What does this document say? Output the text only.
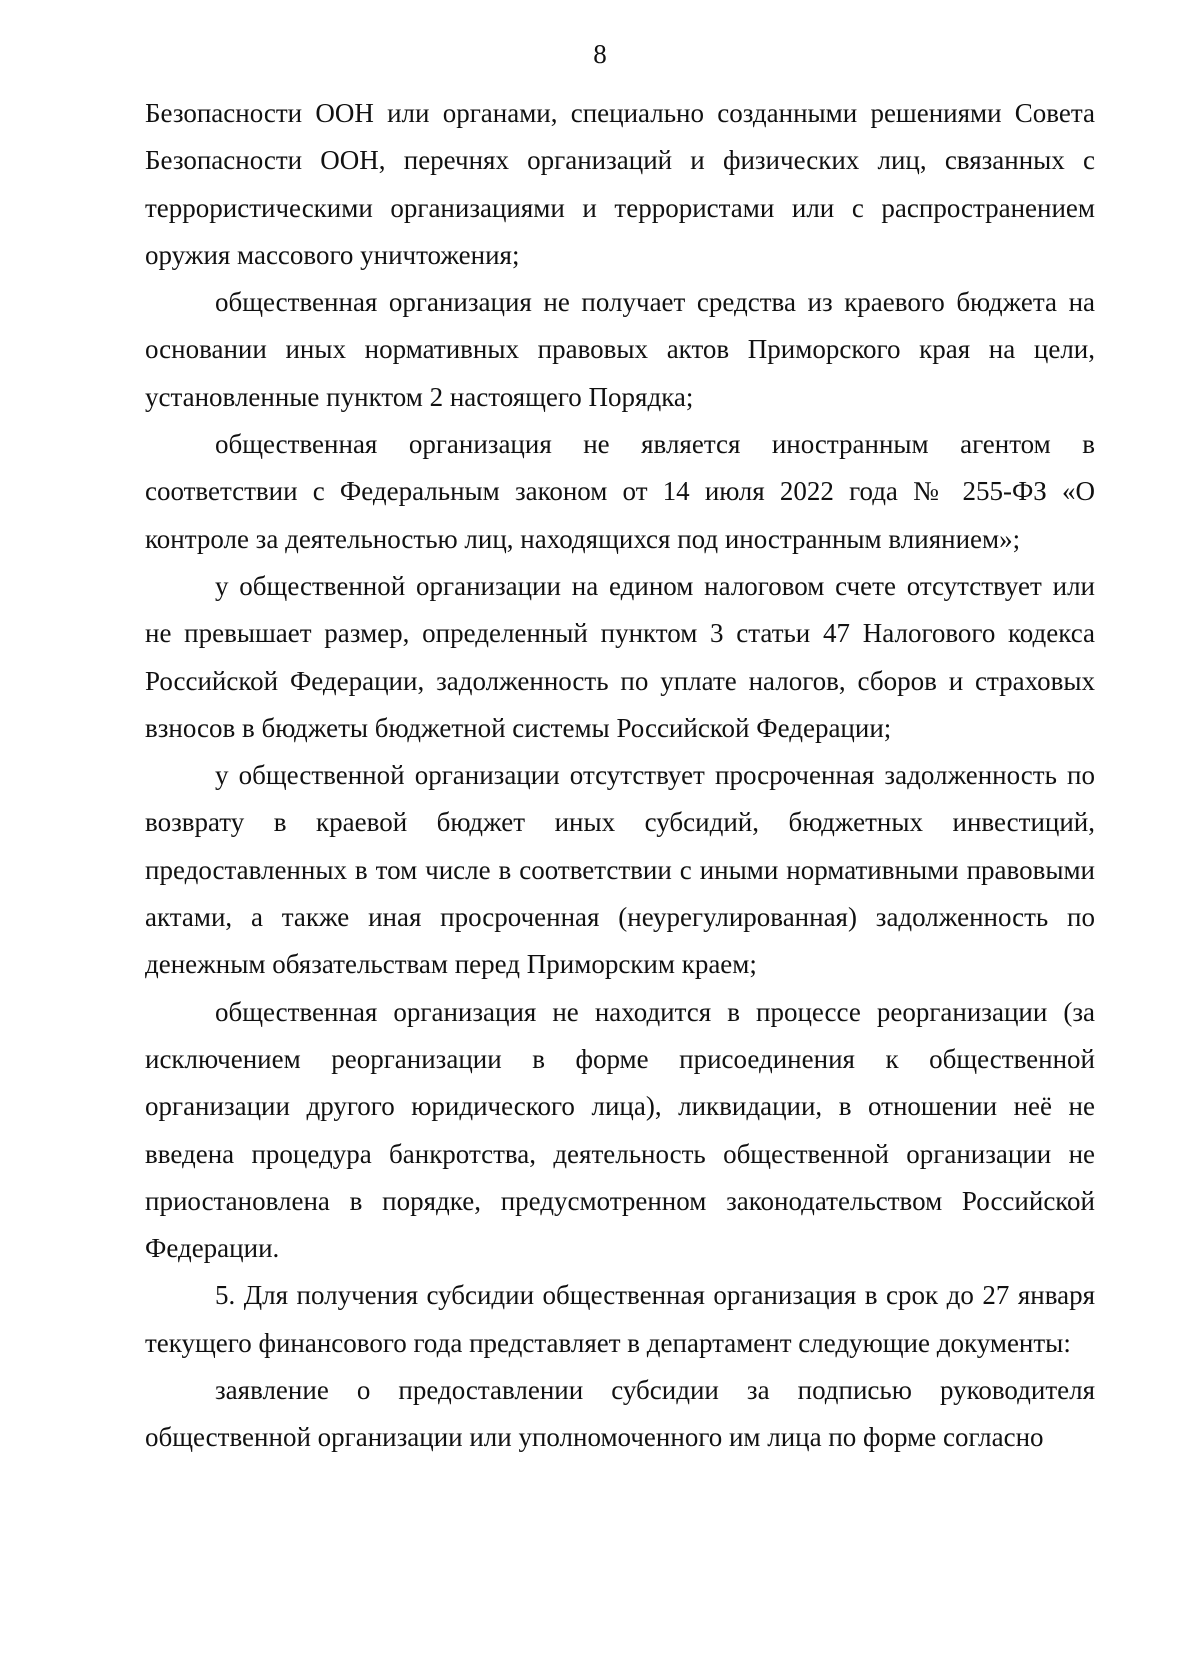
8

Безопасности ООН или органами, специально созданными решениями Совета Безопасности ООН, перечнях организаций и физических лиц, связанных с террористическими организациями и террористами или с распространением оружия массового уничтожения;

общественная организация не получает средства из краевого бюджета на основании иных нормативных правовых актов Приморского края на цели, установленные пунктом 2 настоящего Порядка;

общественная организация не является иностранным агентом в соответствии с Федеральным законом от 14 июля 2022 года № 255-ФЗ «О контроле за деятельностью лиц, находящихся под иностранным влиянием»;

у общественной организации на едином налоговом счете отсутствует или не превышает размер, определенный пунктом 3 статьи 47 Налогового кодекса Российской Федерации, задолженность по уплате налогов, сборов и страховых взносов в бюджеты бюджетной системы Российской Федерации;

у общественной организации отсутствует просроченная задолженность по возврату в краевой бюджет иных субсидий, бюджетных инвестиций, предоставленных в том числе в соответствии с иными нормативными правовыми актами, а также иная просроченная (неурегулированная) задолженность по денежным обязательствам перед Приморским краем;

общественная организация не находится в процессе реорганизации (за исключением реорганизации в форме присоединения к общественной организации другого юридического лица), ликвидации, в отношении неё не введена процедура банкротства, деятельность общественной организации не приостановлена в порядке, предусмотренном законодательством Российской Федерации.

5. Для получения субсидии общественная организация в срок до 27 января текущего финансового года представляет в департамент следующие документы:

заявление о предоставлении субсидии за подписью руководителя общественной организации или уполномоченного им лица по форме согласно
